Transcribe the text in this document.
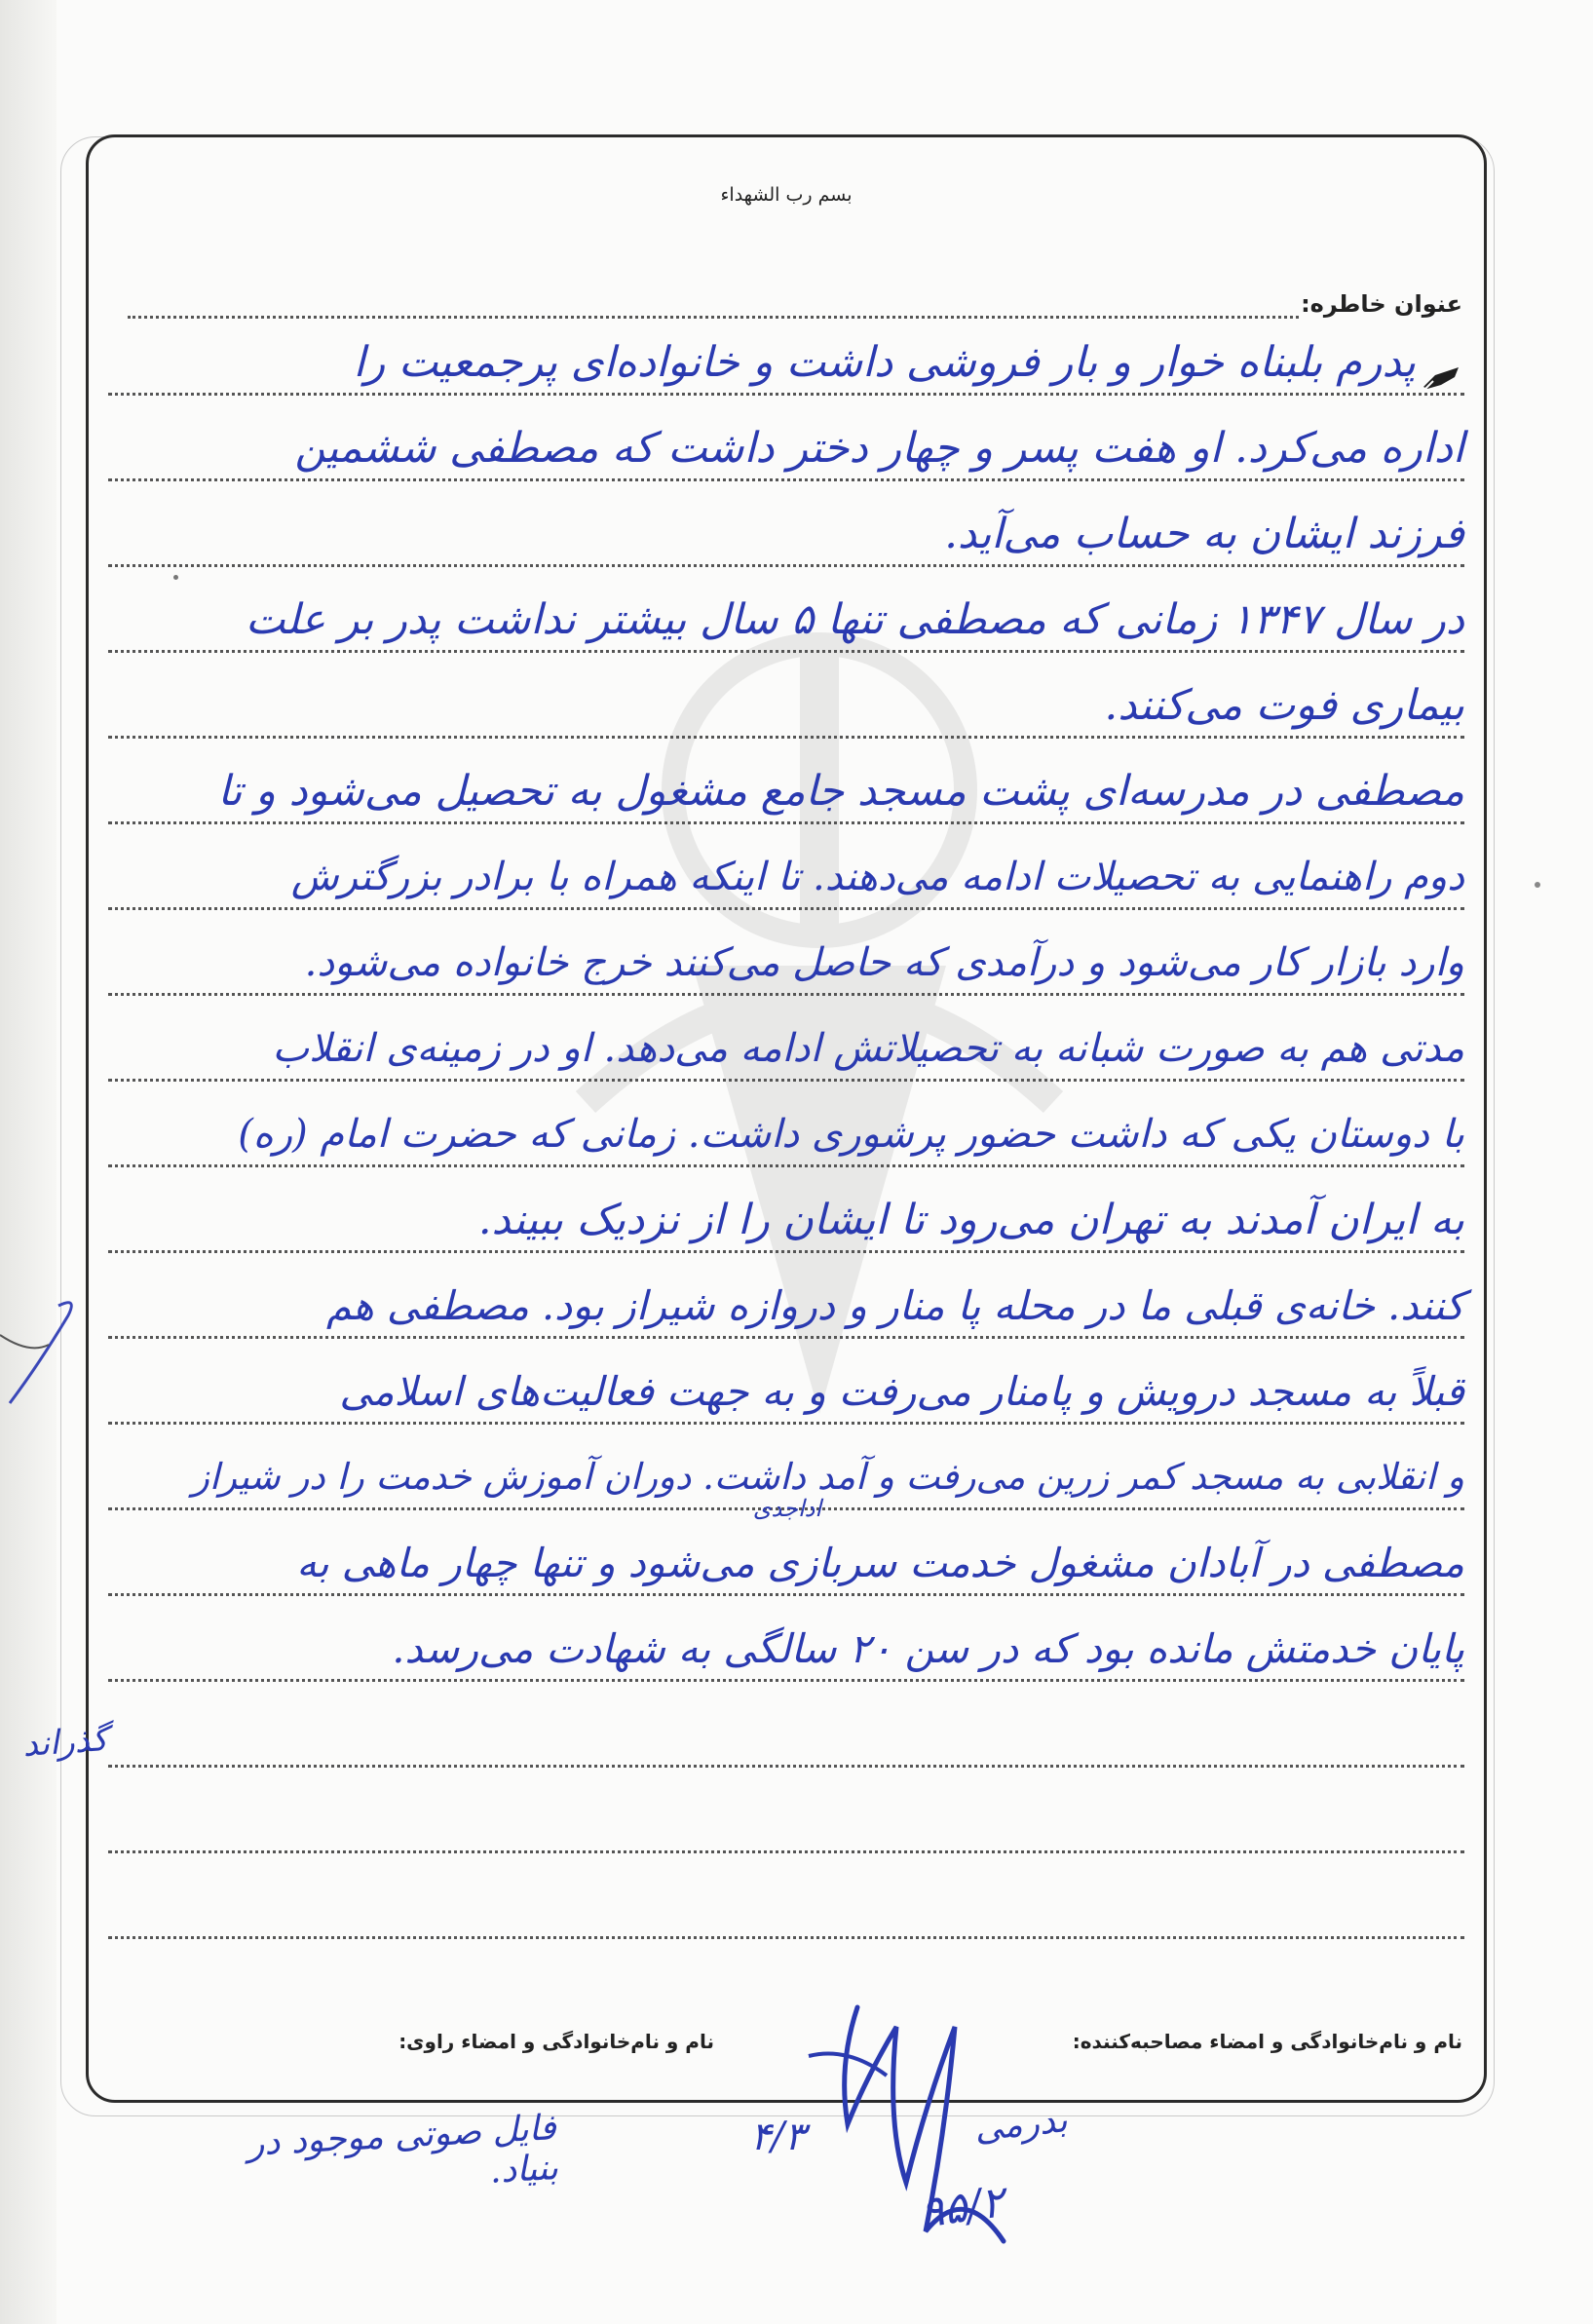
بسم رب الشهداء
عنوان خاطره:
پدرم بلبناه خوار و بار فروشی داشت و خانواده‌ای پرجمعیت را
اداره می‌کرد. او هفت پسر و چهار دختر داشت که مصطفی ششمین
فرزند ایشان به حساب می‌آید.
در سال ۱۳۴۷ زمانی که مصطفی تنها ۵ سال بیشتر نداشت پدر بر علت
بیماری فوت می‌کنند.
مصطفی در مدرسه‌ای پشت مسجد جامع مشغول به تحصیل می‌شود و تا
دوم راهنمایی به تحصیلات ادامه می‌دهند. تا اینکه همراه با برادر بزرگترش
وارد بازار کار می‌شود و درآمدی که حاصل می‌کنند خرج خانواده می‌شود.
مدتی هم به صورت شبانه به تحصیلاتش ادامه می‌دهد. او در زمینه‌ی انقلاب
با دوستان یکی که داشت حضور پرشوری داشت. زمانی که حضرت امام (ره)
به ایران آمدند به تهران می‌رود تا ایشان را از نزدیک ببیند.
کنند. خانه‌ی قبلی ما در محله پا منار و دروازه شیراز بود. مصطفی هم
قبلاً به مسجد درویش و پامنار می‌رفت و به جهت فعالیت‌های اسلامی
و انقلابی به مسجد کمر زرین می‌رفت و آمد داشت. دوران آموزش خدمت را در شیراز
مصطفی در آبادان مشغول خدمت سربازی می‌شود و تنها چهار ماهی به
پایان خدمتش مانده بود که در سن ۲۰ سالگی به شهادت می‌رسد.
اداجدی
نام و نام‌خانوادگی و امضاء مصاحبه‌کننده:
نام و نام‌خانوادگی و امضاء راوی:
گذراند
۴/۳	بدرمی
۹۵/۲
فایل صوتی موجود در بنیاد.
